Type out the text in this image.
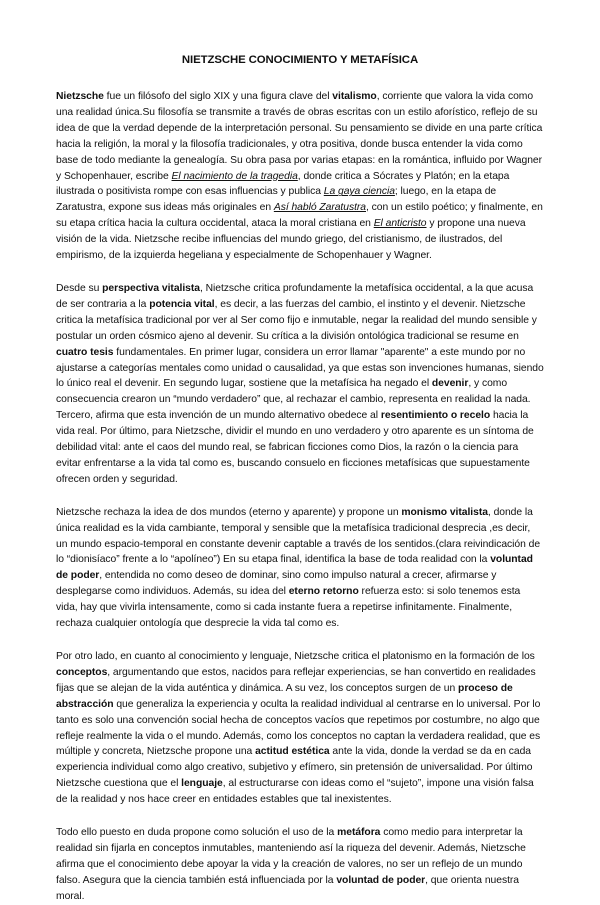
NIETZSCHE CONOCIMIENTO Y METAFÍSICA

Nietzsche fue un filósofo del siglo XIX y una figura clave del vitalismo, corriente que valora la vida como una realidad única.Su filosofía se transmite a través de obras escritas con un estilo aforístico, reflejo de su idea de que la verdad depende de la interpretación personal. Su pensamiento se divide en una parte crítica hacia la religión, la moral y la filosofía tradicionales, y otra positiva, donde busca entender la vida como base de todo mediante la genealogía. Su obra pasa por varias etapas: en la romántica, influido por Wagner y Schopenhauer, escribe El nacimiento de la tragedia, donde critica a Sócrates y Platón; en la etapa ilustrada o positivista rompe con esas influencias y publica La gaya ciencia; luego, en la etapa de Zaratustra, expone sus ideas más originales en Así habló Zaratustra, con un estilo poético; y finalmente, en su etapa crítica hacia la cultura occidental, ataca la moral cristiana en El anticristo y propone una nueva visión de la vida. Nietzsche recibe influencias del mundo griego, del cristianismo, de ilustrados, del empirismo, de la izquierda hegeliana y especialmente de Schopenhauer y Wagner.

Desde su perspectiva vitalista, Nietzsche critica profundamente la metafísica occidental, a la que acusa de ser contraria a la potencia vital, es decir, a las fuerzas del cambio, el instinto y el devenir. Nietzsche critica la metafísica tradicional por ver al Ser como fijo e inmutable, negar la realidad del mundo sensible y postular un orden cósmico ajeno al devenir. Su crítica a la división ontológica tradicional se resume en cuatro tesis fundamentales. En primer lugar, considera un error llamar "aparente" a este mundo por no ajustarse a categorías mentales como unidad o causalidad, ya que estas son invenciones humanas, siendo lo único real el devenir. En segundo lugar, sostiene que la metafísica ha negado el devenir, y como consecuencia crearon un “mundo verdadero” que, al rechazar el cambio, representa en realidad la nada. Tercero, afirma que esta invención de un mundo alternativo obedece al resentimiento o recelo hacia la vida real. Por último, para Nietzsche, dividir el mundo en uno verdadero y otro aparente es un síntoma de debilidad vital: ante el caos del mundo real, se fabrican ficciones como Dios, la razón o la ciencia para evitar enfrentarse a la vida tal como es, buscando consuelo en ficciones metafísicas que supuestamente ofrecen orden y seguridad.

Nietzsche rechaza la idea de dos mundos (eterno y aparente) y propone un monismo vitalista, donde la única realidad es la vida cambiante, temporal y sensible que la metafísica tradicional desprecia ,es decir, un mundo espacio-temporal en constante devenir captable a través de los sentidos.(clara reivindicación de lo “dionisíaco” frente a lo “apolíneo”) En su etapa final, identifica la base de toda realidad con la voluntad de poder, entendida no como deseo de dominar, sino como impulso natural a crecer, afirmarse y desplegarse como individuos. Además, su idea del eterno retorno refuerza esto: si solo tenemos esta vida, hay que vivirla intensamente, como si cada instante fuera a repetirse infinitamente. Finalmente, rechaza cualquier ontología que desprecie la vida tal como es.

Por otro lado, en cuanto al conocimiento y lenguaje, Nietzsche critica el platonismo en la formación de los conceptos, argumentando que estos, nacidos para reflejar experiencias, se han convertido en realidades fijas que se alejan de la vida auténtica y dinámica. A su vez, los conceptos surgen de un proceso de abstracción que generaliza la experiencia y oculta la realidad individual al centrarse en lo universal. Por lo tanto es solo una convención social hecha de conceptos vacíos que repetimos por costumbre, no algo que refleje realmente la vida o el mundo. Además, como los conceptos no captan la verdadera realidad, que es múltiple y concreta, Nietzsche propone una actitud estética ante la vida, donde la verdad se da en cada experiencia individual como algo creativo, subjetivo y efímero, sin pretensión de universalidad. Por último Nietzsche cuestiona que el lenguaje, al estructurarse con ideas como el “sujeto”, impone una visión falsa de la realidad y nos hace creer en entidades estables que tal inexistentes.

Todo ello puesto en duda propone como solución el uso de la metáfora como medio para interpretar la realidad sin fijarla en conceptos inmutables, manteniendo así la riqueza del devenir. Además, Nietzsche afirma que el conocimiento debe apoyar la vida y la creación de valores, no ser un reflejo de un mundo falso. Asegura que la ciencia también está influenciada por la voluntad de poder, que orienta nuestra moral.
